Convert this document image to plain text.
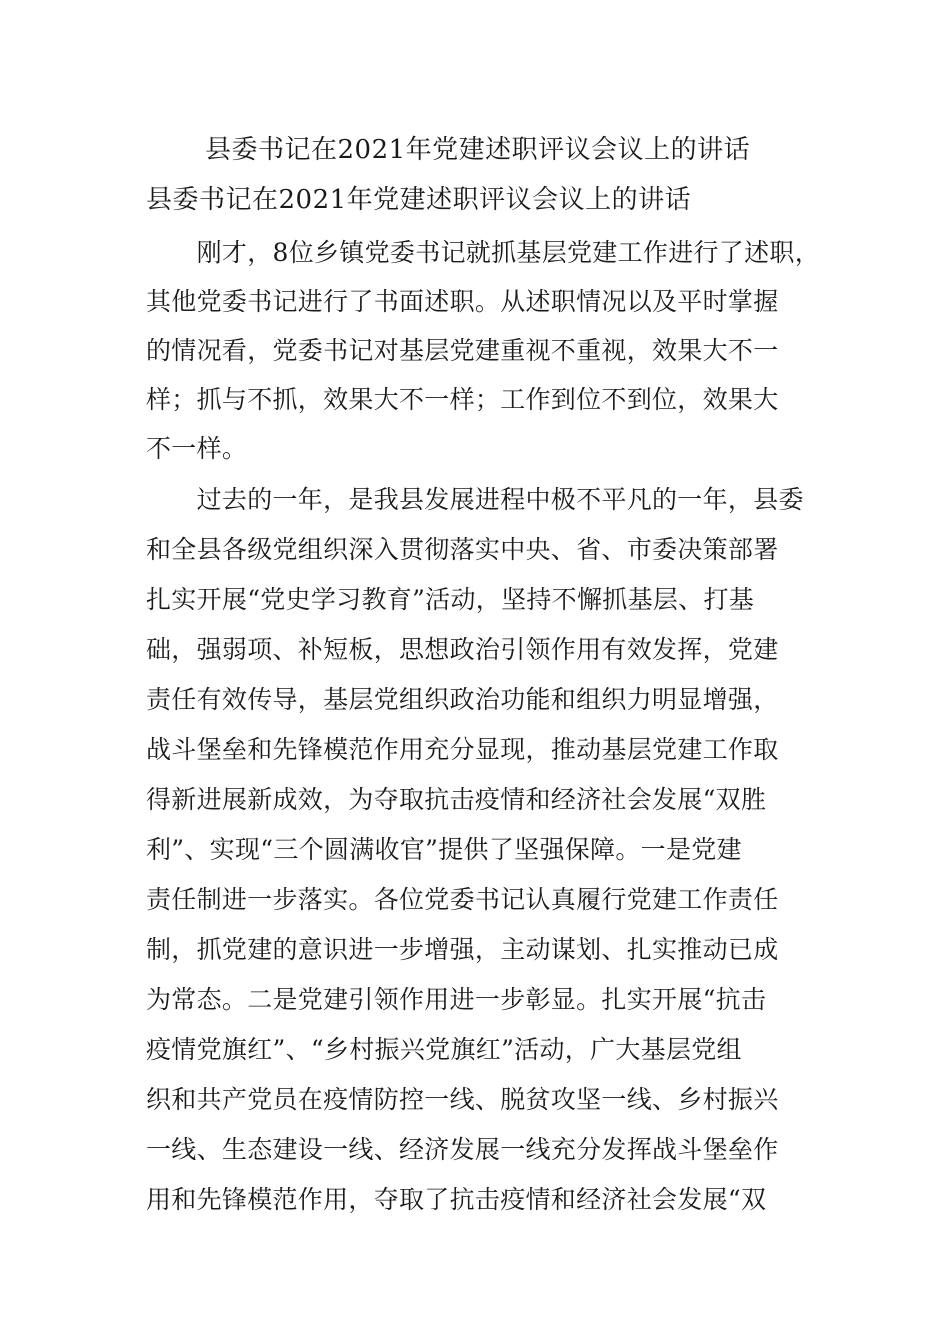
县委书记在2021年党建述职评议会议上的讲话
县委书记在2021年党建述职评议会议上的讲话
　　刚才，8位乡镇党委书记就抓基层党建工作进行了述职，
其他党委书记进行了书面述职。从述职情况以及平时掌握
的情况看，党委书记对基层党建重视不重视，效果大不一
样；抓与不抓，效果大不一样；工作到位不到位，效果大
不一样。
　　过去的一年，是我县发展进程中极不平凡的一年，县委
和全县各级党组织深入贯彻落实中央、省、市委决策部署
扎实开展“党史学习教育”活动，坚持不懈抓基层、打基
础，强弱项、补短板，思想政治引领作用有效发挥，党建
责任有效传导，基层党组织政治功能和组织力明显增强，
战斗堡垒和先锋模范作用充分显现，推动基层党建工作取
得新进展新成效，为夺取抗击疫情和经济社会发展“双胜
利”、实现“三个圆满收官”提供了坚强保障。一是党建
责任制进一步落实。各位党委书记认真履行党建工作责任
制，抓党建的意识进一步增强，主动谋划、扎实推动已成
为常态。二是党建引领作用进一步彰显。扎实开展“抗击
疫情党旗红”、“乡村振兴党旗红”活动，广大基层党组
织和共产党员在疫情防控一线、脱贫攻坚一线、乡村振兴
一线、生态建设一线、经济发展一线充分发挥战斗堡垒作
用和先锋模范作用，夺取了抗击疫情和经济社会发展“双
